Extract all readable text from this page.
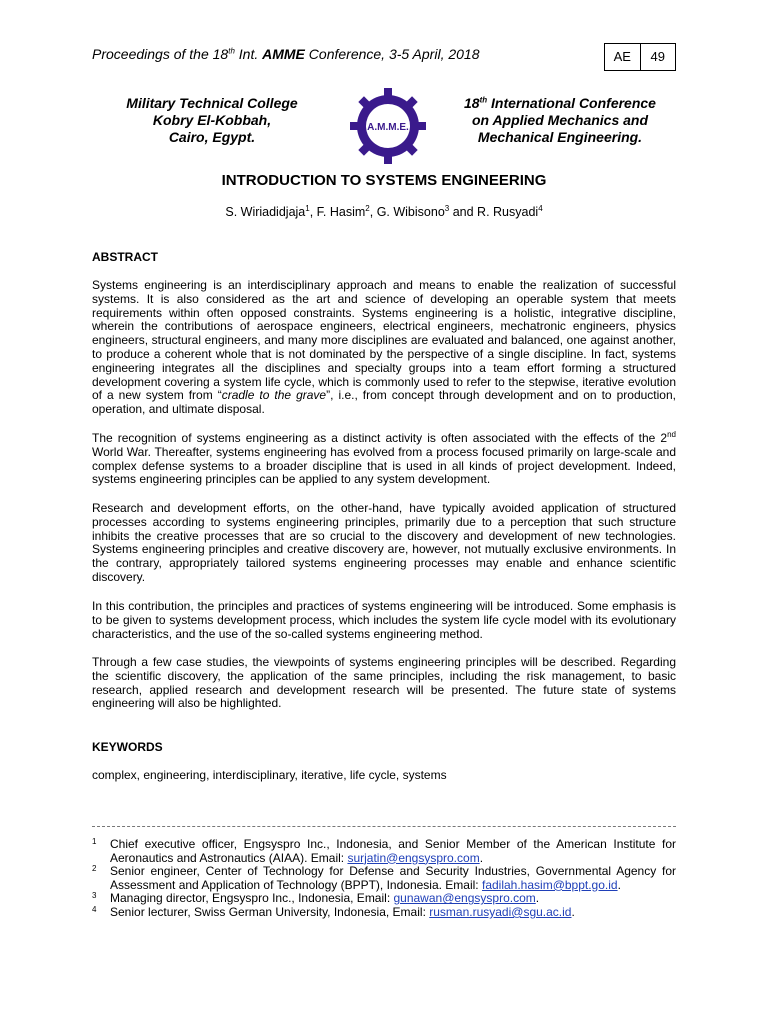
Proceedings of the 18th Int. AMME Conference, 3-5 April, 2018	AE	49
Military Technical College
Kobry El-Kobbah,
Cairo, Egypt.
A.M.M.E.
18th International Conference
on Applied Mechanics and
Mechanical Engineering.
INTRODUCTION TO SYSTEMS ENGINEERING
S. Wiriadidjaja$^1$, F. Hasim$^2$, G. Wibisono$^3$ and R. Rusyadi$^4$
ABSTRACT
Systems engineering is an interdisciplinary approach and means to enable the realization of successful systems. It is also considered as the art and science of developing an operable system that meets requirements within often opposed constraints. Systems engineering is a holistic, integrative discipline, wherein the contributions of aerospace engineers, electrical engineers, mechatronic engineers, physics engineers, structural engineers, and many more disciplines are evaluated and balanced, one against another, to produce a coherent whole that is not dominated by the perspective of a single discipline. In fact, systems engineering integrates all the disciplines and specialty groups into a team effort forming a structured development covering a system life cycle, which is commonly used to refer to the stepwise, iterative evolution of a new system from “cradle to the grave”, i.e., from concept through development and on to production, operation, and ultimate disposal.
The recognition of systems engineering as a distinct activity is often associated with the effects of the 2nd World War. Thereafter, systems engineering has evolved from a process focused primarily on large-scale and complex defense systems to a broader discipline that is used in all kinds of project development. Indeed, systems engineering principles can be applied to any system development.
Research and development efforts, on the other-hand, have typically avoided application of structured processes according to systems engineering principles, primarily due to a perception that such structure inhibits the creative processes that are so crucial to the discovery and development of new technologies. Systems engineering principles and creative discovery are, however, not mutually exclusive environments. In the contrary, appropriately tailored systems engineering processes may enable and enhance scientific discovery.
In this contribution, the principles and practices of systems engineering will be introduced. Some emphasis is to be given to systems development process, which includes the system life cycle model with its evolutionary characteristics, and the use of the so-called systems engineering method.
Through a few case studies, the viewpoints of systems engineering principles will be described. Regarding the scientific discovery, the application of the same principles, including the risk management, to basic research, applied research and development research will be presented. The future state of systems engineering will also be highlighted.
KEYWORDS
complex, engineering, interdisciplinary, iterative, life cycle, systems
1 Chief executive officer, Engsyspro Inc., Indonesia, and Senior Member of the American Institute for Aeronautics and Astronautics (AIAA). Email: surjatin@engsyspro.com.
2 Senior engineer, Center of Technology for Defense and Security Industries, Governmental Agency for Assessment and Application of Technology (BPPT), Indonesia. Email: fadilah.hasim@bppt.go.id.
3 Managing director, Engsyspro Inc., Indonesia, Email: gunawan@engsyspro.com.
4 Senior lecturer, Swiss German University, Indonesia, Email: rusman.rusyadi@sgu.ac.id.
